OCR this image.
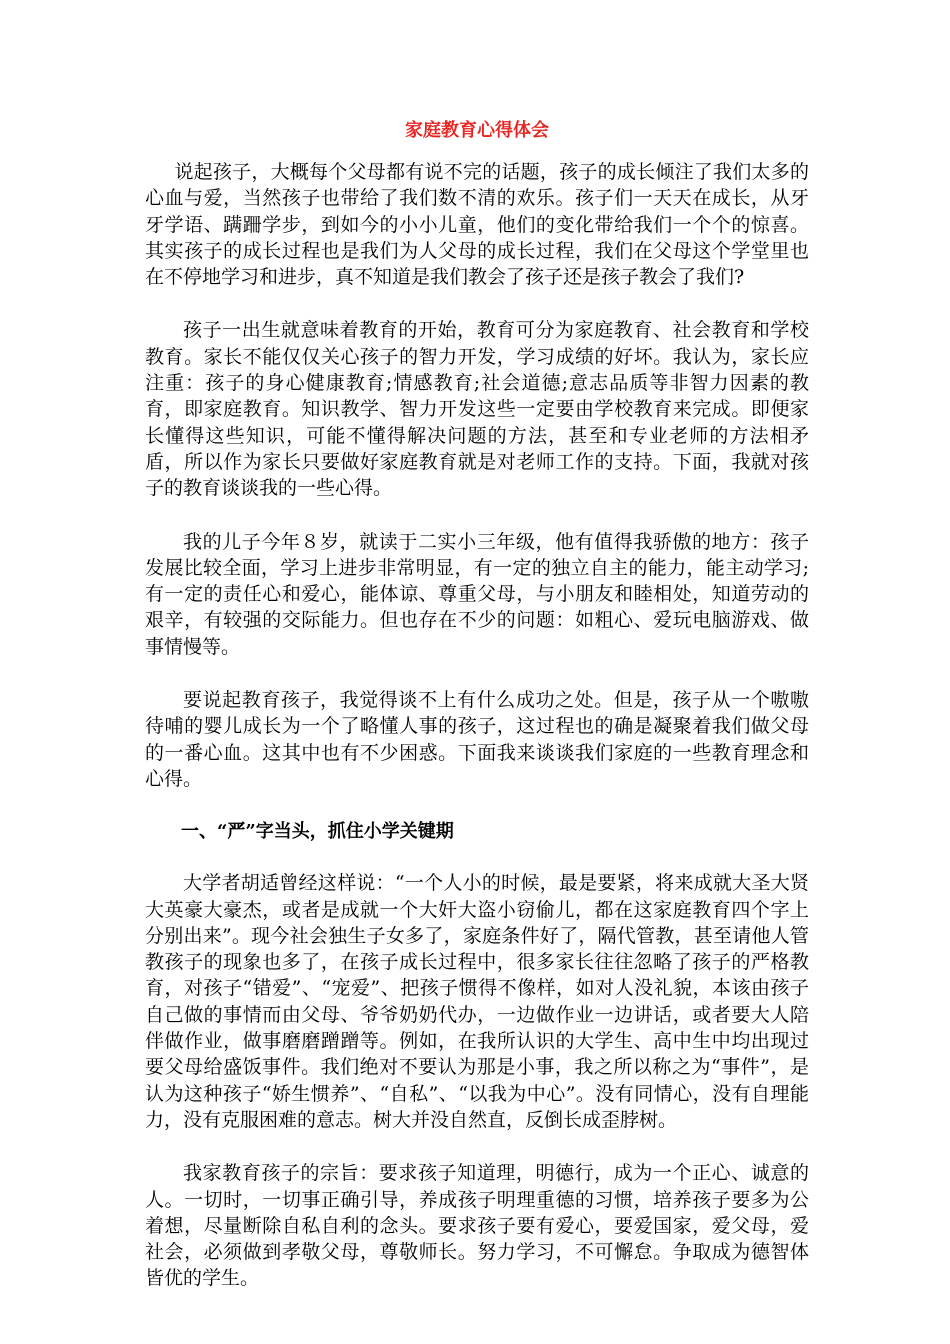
家庭教育心得体会

说起孩子，大概每个父母都有说不完的话题，孩子的成长倾注了我们太多的心血与爱，当然孩子也带给了我们数不清的欢乐。孩子们一天天在成长，从牙牙学语、蹒跚学步，到如今的小小儿童，他们的变化带给我们一个个的惊喜。其实孩子的成长过程也是我们为人父母的成长过程，我们在父母这个学堂里也在不停地学习和进步，真不知道是我们教会了孩子还是孩子教会了我们?

孩子一出生就意味着教育的开始，教育可分为家庭教育、社会教育和学校教育。家长不能仅仅关心孩子的智力开发，学习成绩的好坏。我认为，家长应注重：孩子的身心健康教育;情感教育;社会道德;意志品质等非智力因素的教育，即家庭教育。知识教学、智力开发这些一定要由学校教育来完成。即便家长懂得这些知识，可能不懂得解决问题的方法，甚至和专业老师的方法相矛盾，所以作为家长只要做好家庭教育就是对老师工作的支持。下面，我就对孩子的教育谈谈我的一些心得。

我的儿子今年８岁，就读于二实小三年级，他有值得我骄傲的地方：孩子发展比较全面，学习上进步非常明显，有一定的独立自主的能力，能主动学习;有一定的责任心和爱心，能体谅、尊重父母，与小朋友和睦相处，知道劳动的艰辛，有较强的交际能力。但也存在不少的问题：如粗心、爱玩电脑游戏、做事情慢等。

要说起教育孩子，我觉得谈不上有什么成功之处。但是，孩子从一个嗷嗷待哺的婴儿成长为一个了略懂人事的孩子，这过程也的确是凝聚着我们做父母的一番心血。这其中也有不少困惑。下面我来谈谈我们家庭的一些教育理念和心得。

一、“严”字当头，抓住小学关键期

大学者胡适曾经这样说：“一个人小的时候，最是要紧，将来成就大圣大贤大英豪大豪杰，或者是成就一个大奸大盗小窃偷儿，都在这家庭教育四个字上分别出来”。现今社会独生子女多了，家庭条件好了，隔代管教，甚至请他人管教孩子的现象也多了，在孩子成长过程中，很多家长往往忽略了孩子的严格教育，对孩子“错爱”、“宠爱”、把孩子惯得不像样，如对人没礼貌，本该由孩子自己做的事情而由父母、爷爷奶奶代办，一边做作业一边讲话，或者要大人陪伴做作业，做事磨磨蹭蹭等。例如，在我所认识的大学生、高中生中均出现过要父母给盛饭事件。我们绝对不要认为那是小事，我之所以称之为“事件”，是认为这种孩子“娇生惯养”、“自私”、“以我为中心”。没有同情心，没有自理能力，没有克服困难的意志。树大并没自然直，反倒长成歪脖树。

我家教育孩子的宗旨：要求孩子知道理，明德行，成为一个正心、诚意的人。一切时，一切事正确引导，养成孩子明理重德的习惯，培养孩子要多为公着想，尽量断除自私自利的念头。要求孩子要有爱心，要爱国家，爱父母，爱社会，必须做到孝敬父母，尊敬师长。努力学习，不可懈怠。争取成为德智体皆优的学生。
